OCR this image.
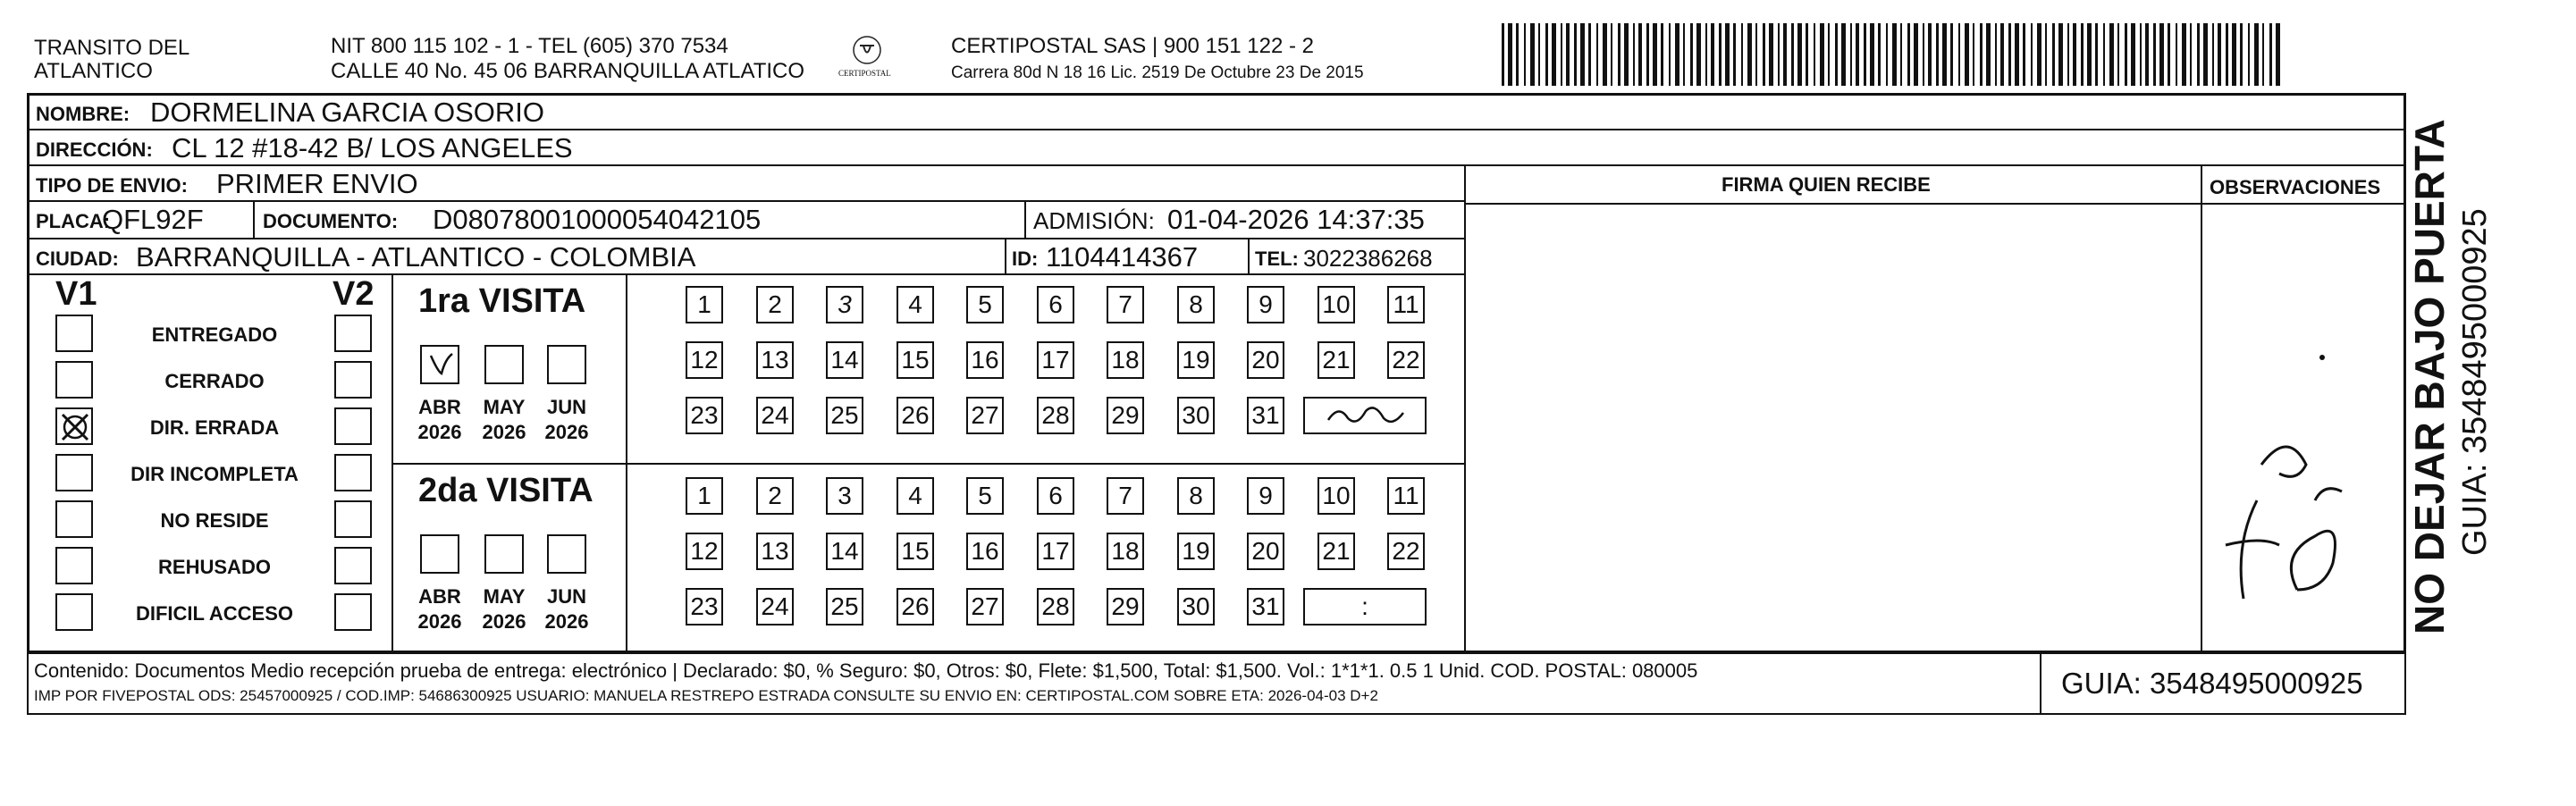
TRANSITO DEL
ATLANTICO
NIT 800 115 102 - 1 - TEL (605) 370 7534
CALLE 40 No. 45 06 BARRANQUILLA ATLATICO	CERTIPOSTAL
CERTIPOSTAL SAS | 900 151 122 - 2
Carrera 80d N 18 16 Lic. 2519 De Octubre 23 De 2015
NOMBRE: DORMELINA GARCIA OSORIO
DIRECCIÓN: CL 12 #18-42 B/ LOS ANGELES
TIPO DE ENVIO: PRIMER ENVIO	FIRMA QUIEN RECIBE	OBSERVACIONES
PLACA:
QFL92F	DOCUMENTO: D08078001000054042105	ADMISIÓN: 01-04-2026 14:37:35
CIUDAD: BARRANQUILLA - ATLANTICO - COLOMBIA	ID: 1104414367	TEL: 3022386268
V1	V2
ENTREGADO
CERRADO
DIR. ERRADA
DIR INCOMPLETA
NO RESIDE
REHUSADO
DIFICIL ACCESO
1ra VISITA
ABR
2026
MAY
2026
JUN
2026
1	2	3	4	5	6	7	8	9	10 11
12 13 14 15 16 17 18 19 20 21 22
23 24 25 26 27 28 29 30 31
2da VISITA
ABR
2026
MAY
2026
JUN
2026
1	2	3	4	5	6	7	8	9	10 11
12 13 14 15 16 17 18 19 20 21 22
23 24 25 26 27 28 29 30 31	:
Contenido: Documentos Medio recepción prueba de entrega: electrónico | Declarado: $0, % Seguro: $0, Otros: $0, Flete: $1,500, Total: $1,500. Vol.: 1*1*1. 0.5 1 Unid. COD. POSTAL: 080005
IMP POR FIVEPOSTAL ODS: 25457000925 / COD.IMP: 54686300925 USUARIO: MANUELA RESTREPO ESTRADA CONSULTE SU ENVIO EN: CERTIPOSTAL.COM SOBRE ETA: 2026-04-03 D+2	GUIA: 3548495000925
NO DEJAR BAJO PUERTA GUIA: 3548495000925
